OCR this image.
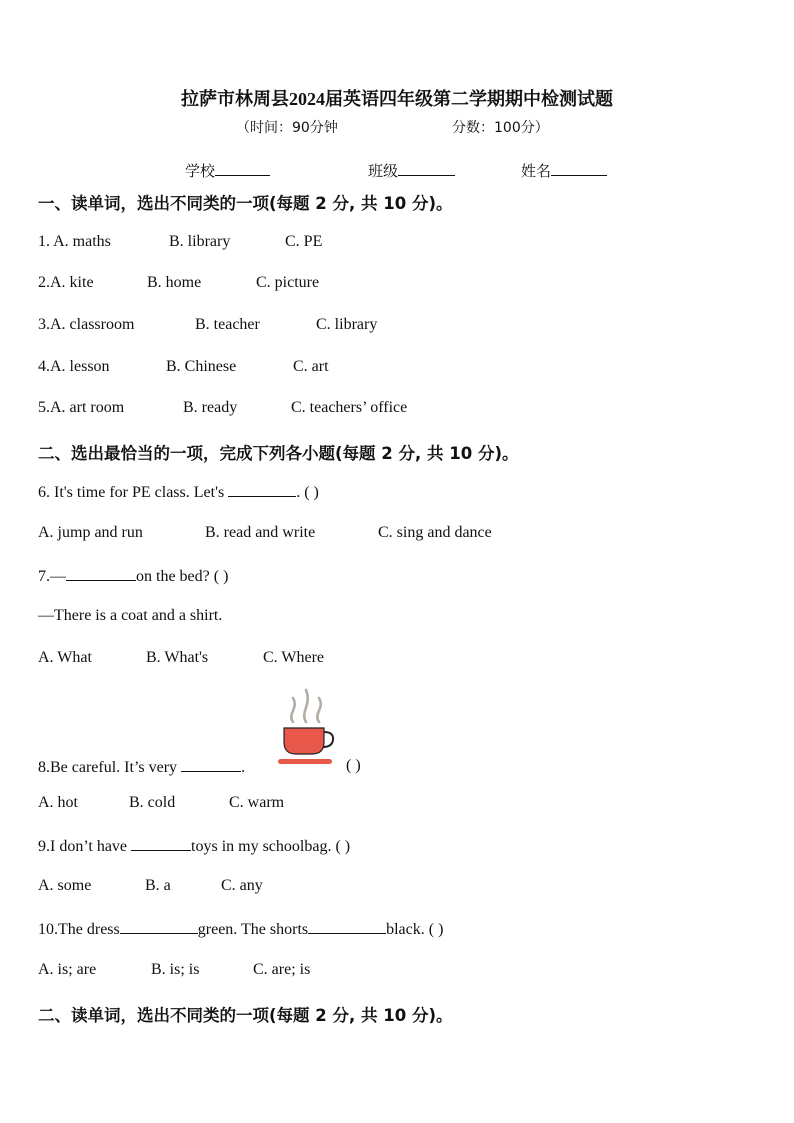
拉萨市林周县2024届英语四年级第二学期期中检测试题
（时间：90分钟	分数：100分）
学校	班级	姓名
一、读单词，选出不同类的一项(每题 2 分, 共 10 分)。
1. A. maths	B. library	C. PE
2.A. kite	B. home	C. picture
3.A. classroom	B. teacher	C. library
4.A. lesson	B. Chinese	C. art
5.A. art room	B. ready	C. teachers’ office
二、选出最恰当的一项，完成下列各小题(每题 2 分, 共 10 分)。
6. It's time for PE class. Let's	. ( )
A. jump and run	B. read and write	C. sing and dance
7.—	on the bed? ( )
—There is a coat and a shirt.
A. What	B. What's	C. Where
8.Be careful. It’s very	.	( )
A. hot	B. cold	C. warm
9.I don’t have	toys in my schoolbag. ( )
A. some	B. a	C. any
10.The dress	green. The shorts	black. ( )
A. is; are	B. is; is	C. are; is
二、读单词，选出不同类的一项(每题 2 分, 共 10 分)。
